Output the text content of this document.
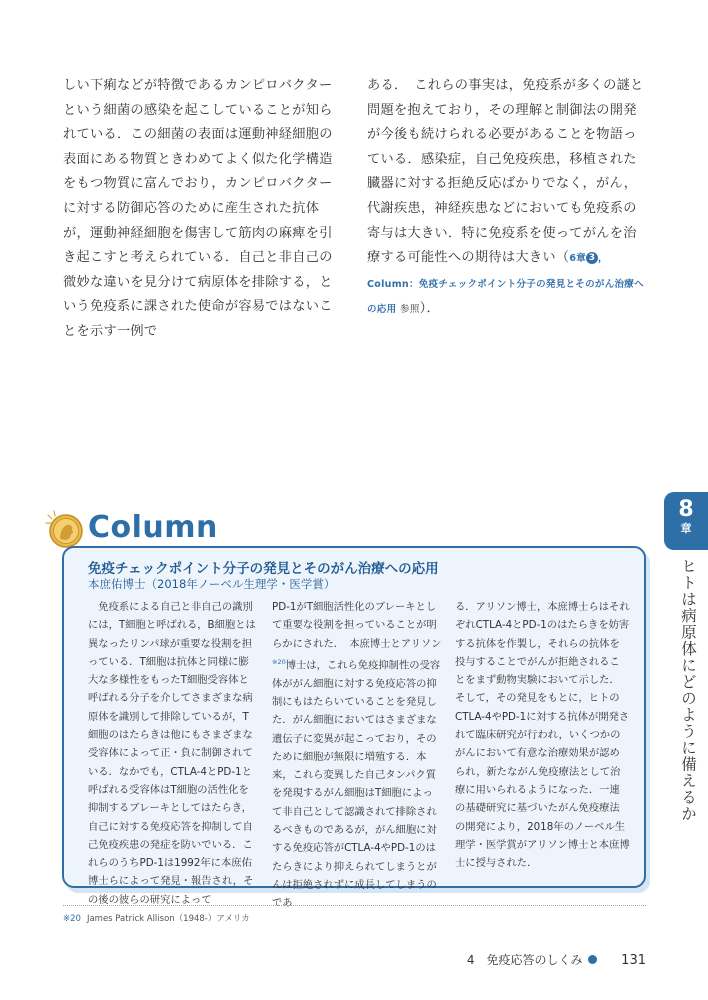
しい下痢などが特徴であるカンピロバクターという細菌の感染を起こしていることが知られている．この細菌の表面は運動神経細胞の表面にある物質ときわめてよく似た化学構造をもつ物質に富んでおり，カンピロバクターに対する防御応答のために産生された抗体が，運動神経細胞を傷害して筋肉の麻痺を引き起こすと考えられている．自己と非自己の微妙な違いを見分けて病原体を排除する，という免疫系に課された使命が容易ではないことを示す一例で

ある．　これらの事実は，免疫系が多くの謎と問題を抱えており，その理解と制御法の開発が今後も続けられる必要があることを物語っている．感染症，自己免疫疾患，移植された臓器に対する拒絶反応ばかりでなく，がん，代謝疾患，神経疾患などにおいても免疫系の寄与は大きい．特に免疫系を使ってがんを治療する可能性への期待は大きい（6章 3 ，Column：免疫チェックポイント分子の発見とそのがん治療への応用 参照）．

8
章
ヒトは病原体にどのように備えるか
Column
免疫チェックポイント分子の発見とそのがん治療への応用
本庶佑博士（2018年ノーベル生理学・医学賞）

　免疫系による自己と非自己の識別には，T細胞と呼ばれる，B細胞とは異なったリンパ球が重要な役割を担っている．T細胞は抗体と同様に膨大な多様性をもったT細胞受容体と呼ばれる分子を介してさまざまな病原体を識別して排除しているが，T細胞のはたらきは他にもさまざまな受容体によって正・負に制御されている．なかでも，CTLA-4とPD-1と呼ばれる受容体はT細胞の活性化を抑制するブレーキとしてはたらき，自己に対する免疫応答を抑制して自己免疫疾患の発症を防いでいる．これらのうちPD-1は1992年に本庶佑博士らによって発見・報告され，その後の彼らの研究によって

PD-1がT細胞活性化のブレーキとして重要な役割を担っていることが明らかにされた．　本庶博士とアリソン$^{※20}$博士は，これら免疫抑制性の受容体ががん細胞に対する免疫応答の抑制にもはたらいていることを発見した．がん細胞においてはさまざまな遺伝子に変異が起こっており，そのために細胞が無限に増殖する．本来，これら変異した自己タンパク質を発現するがん細胞はT細胞によって非自己として認識されて排除されるべきものであるが，がん細胞に対する免疫応答がCTLA-4やPD-1のはたらきにより抑えられてしまうとがんは拒絶されずに成長してしまうのであ

る．アリソン博士，本庶博士らはそれぞれCTLA-4とPD-1のはたらきを妨害する抗体を作製し，それらの抗体を投与することでがんが拒絶されることをまず動物実験において示した．そして，その発見をもとに，ヒトのCTLA-4やPD-1に対する抗体が開発されて臨床研究が行われ，いくつかのがんにおいて有意な治療効果が認められ，新たながん免疫療法として治療に用いられるようになった．一連の基礎研究に基づいたがん免疫療法の開発により，2018年のノーベル生理学・医学賞がアリソン博士と本庶博士に授与された．

※20 James Patrick Allison（1948-）アメリカ
4　免疫応答のしくみ	131
